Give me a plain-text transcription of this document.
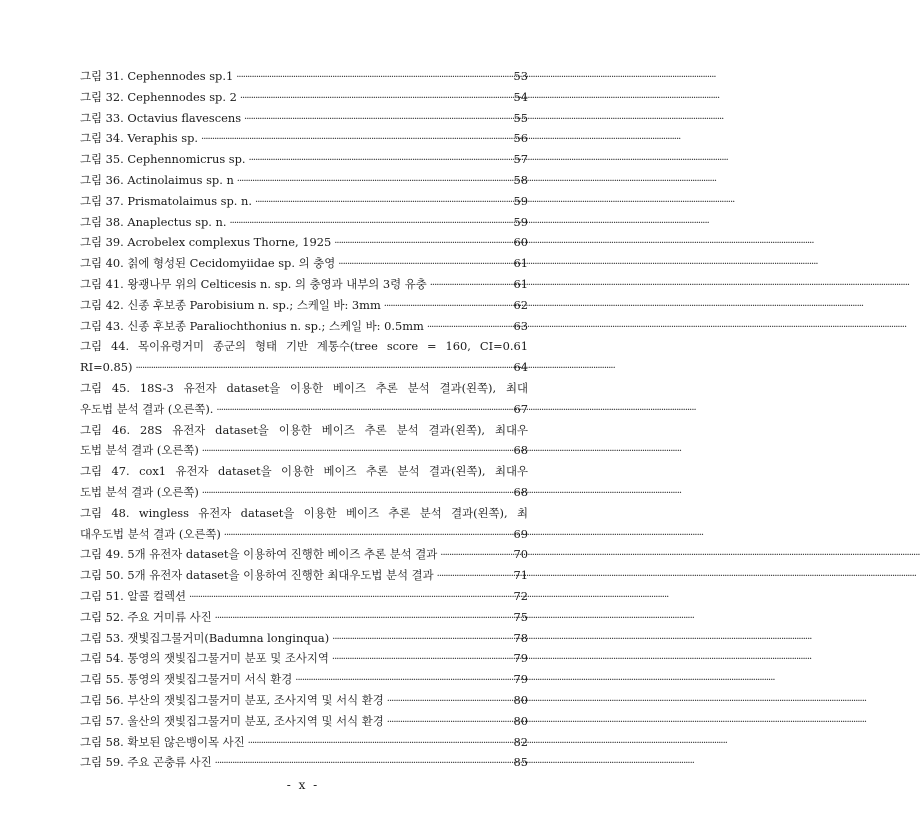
그림 31. Cephennodes sp.1 ·····	53
그림 32. Cephennodes sp. 2 ·····	54
그림 33. Octavius flavescens ·····	55
그림 34. Veraphis sp. ·····	56
그림 35. Cephennomicrus sp. ·····	57
그림 36. Actinolaimus sp. n ·····	58
그림 37. Prismatolaimus sp. n. ·····	59
그림 38. Anaplectus sp. n. ·····	59
그림 39. Acrobelex complexus Thorne, 1925 ·····	60
그림 40. 칡에 형성된 Cecidomyiidae sp. 의 충영 ·····	61
그림 41. 왕괭나무 위의 Celticesis n. sp. 의 충영과 내부의 3령 유충 ·····	61
그림 42. 신종 후보종 Parobisium n. sp.; 스케일 바: 3mm ·····	62
그림 43. 신종 후보종 Paraliochthonius n. sp.; 스케일 바: 0.5mm ·····	63
그림 44. 목이유령거미 종군의 형태 기반 계통수(tree score = 160, CI=0.61
RI=0.85) ·····	64
그림 45. 18S-3 유전자 dataset을 이용한 베이즈 추론 분석 결과(왼쪽), 최대
우도법 분석 결과 (오른쪽). ·····	67
그림 46. 28S 유전자 dataset을 이용한 베이즈 추론 분석 결과(왼쪽), 최대우
도법 분석 결과 (오른쪽) ·····	68
그림 47. cox1 유전자 dataset을 이용한 베이즈 추론 분석 결과(왼쪽), 최대우
도법 분석 결과 (오른쪽) ·····	68
그림 48. wingless 유전자 dataset을 이용한 베이즈 추론 분석 결과(왼쪽), 최
대우도법 분석 결과 (오른쪽) ·····	69
그림 49. 5개 유전자 dataset을 이용하여 진행한 베이즈 추론 분석 결과 ·····	70
그림 50. 5개 유전자 dataset을 이용하여 진행한 최대우도법 분석 결과 ·····	71
그림 51. 알콜 컬렉션 ·····	72
그림 52. 주요 거미류 사진 ·····	75
그림 53. 잿빛집그물거미(Badumna longinqua) ·····	78
그림 54. 통영의 잿빛집그물거미 분포 및 조사지역 ·····	79
그림 55. 통영의 잿빛집그물거미 서식 환경 ·····	79
그림 56. 부산의 잿빛집그물거미 분포, 조사지역 및 서식 환경 ·····	80
그림 57. 울산의 잿빛집그물거미 분포, 조사지역 및 서식 환경 ·····	80
그림 58. 확보된 않은뱅이목 사진 ·····	82
그림 59. 주요 곤충류 사진 ·····	85
- x -
